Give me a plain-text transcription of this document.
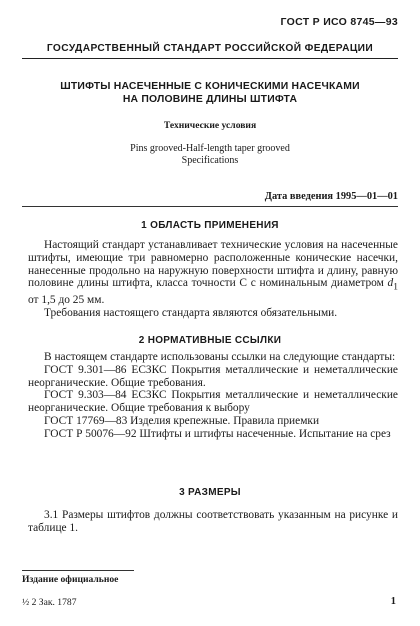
ГОСТ Р ИСО 8745—93
ГОСУДАРСТВЕННЫЙ СТАНДАРТ РОССИЙСКОЙ ФЕДЕРАЦИИ
ШТИФТЫ НАСЕЧЕННЫЕ С КОНИЧЕСКИМИ НАСЕЧКАМИ
НА ПОЛОВИНЕ ДЛИНЫ ШТИФТА
Технические условия
Pins grooved-Half-length taper grooved
Specifications
Дата введения 1995—01—01
1 ОБЛАСТЬ ПРИМЕНЕНИЯ

Настоящий стандарт устанавливает технические условия на насеченные штифты, имеющие три равномерно расположенные конические насечки, нанесенные продольно на наружную поверхности штифта и длину, равную половине длины штифта, класса точности С с номинальным диаметром $d_1$ от 1,5 до 25 мм.

Требования настоящего стандарта являются обязательными.

2 НОРМАТИВНЫЕ ССЫЛКИ

В настоящем стандарте использованы ссылки на следующие стандарты:

ГОСТ 9.301—86 ЕСЗКС Покрытия металлические и неметаллические неорганические. Общие требования.

ГОСТ 9.303—84 ЕСЗКС Покрытия металлические и неметаллические неорганические. Общие требования к выбору

ГОСТ 17769—83 Изделия крепежные. Правила приемки

ГОСТ Р 50076—92 Штифты и штифты насеченные. Испытание на срез

3 РАЗМЕРЫ

3.1 Размеры штифтов должны соответствовать указанным на рисунке и таблице 1.

Издание официальное
½ 2 Зак. 1787	1
